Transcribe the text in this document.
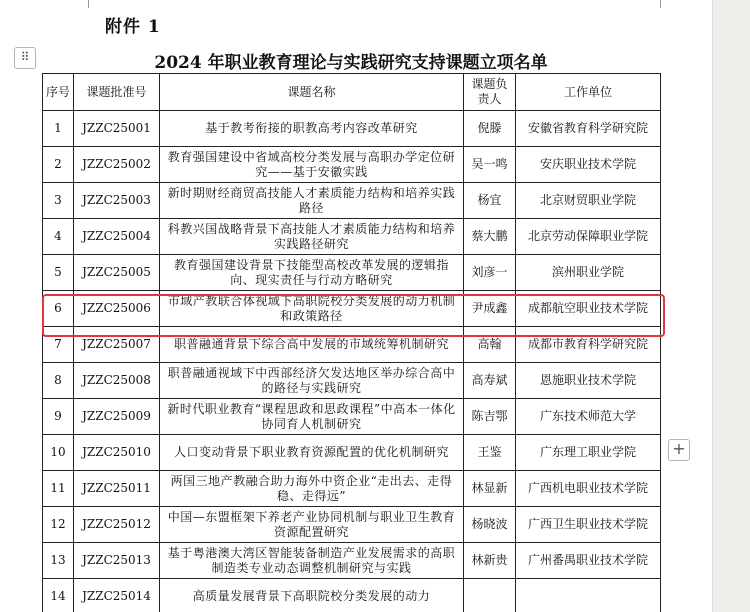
附件 1
⠿	2024 年职业教育理论与实践研究支持课题立项名单
序号	课题批准号	课题名称	课题负责人	工作单位
1	JZZC25001	基于教考衔接的职教高考内容改革研究	倪滕	安徽省教育科学研究院
2	JZZC25002	教育强国建设中省域高校分类发展与高职办学定位研究——基于安徽实践	吴一鸣	安庆职业技术学院
3	JZZC25003	新时期财经商贸高技能人才素质能力结构和培养实践路径	杨宜	北京财贸职业学院
4	JZZC25004	科教兴国战略背景下高技能人才素质能力结构和培养实践路径研究	蔡大鹏	北京劳动保障职业学院
5	JZZC25005	教育强国建设背景下技能型高校改革发展的逻辑指向、现实责任与行动方略研究	刘彦一	滨州职业学院
6	JZZC25006	市域产教联合体视域下高职院校分类发展的动力机制和政策路径	尹成鑫	成都航空职业技术学院
7	JZZC25007	职普融通背景下综合高中发展的市域统筹机制研究	高翰	成都市教育科学研究院
8	JZZC25008	职普融通视域下中西部经济欠发达地区举办综合高中的路径与实践研究	高寿斌	恩施职业技术学院
9	JZZC25009	新时代职业教育“课程思政和思政课程”中高本一体化协同育人机制研究	陈吉鄂	广东技术师范大学
10	JZZC25010	人口变动背景下职业教育资源配置的优化机制研究	王鉴	广东理工职业学院
11	JZZC25011	两国三地产教融合助力海外中资企业“走出去、走得稳、走得远”	林显新	广西机电职业技术学院
12	JZZC25012	中国—东盟框架下养老产业协同机制与职业卫生教育资源配置研究	杨晓波	广西卫生职业技术学院
13	JZZC25013	基于粤港澳大湾区智能装备制造产业发展需求的高职制造类专业动态调整机制研究与实践	林新贵	广州番禺职业技术学院
14	JZZC25014	高质量发展背景下高职院校分类发展的动力		
+
